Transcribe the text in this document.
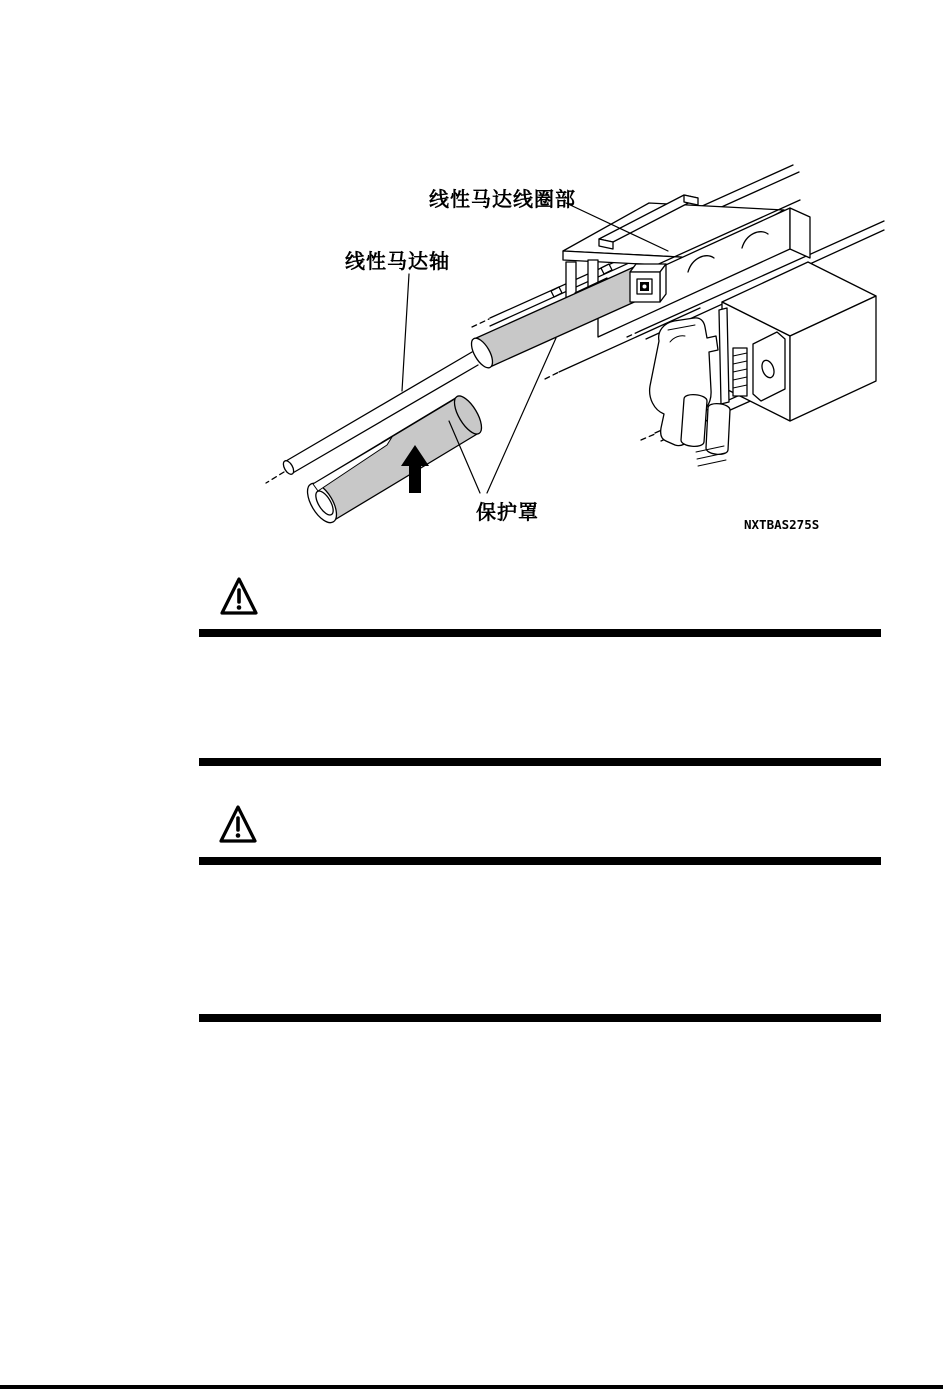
线性马达线圈部
线性马达轴
保护罩
NXTBAS275S
